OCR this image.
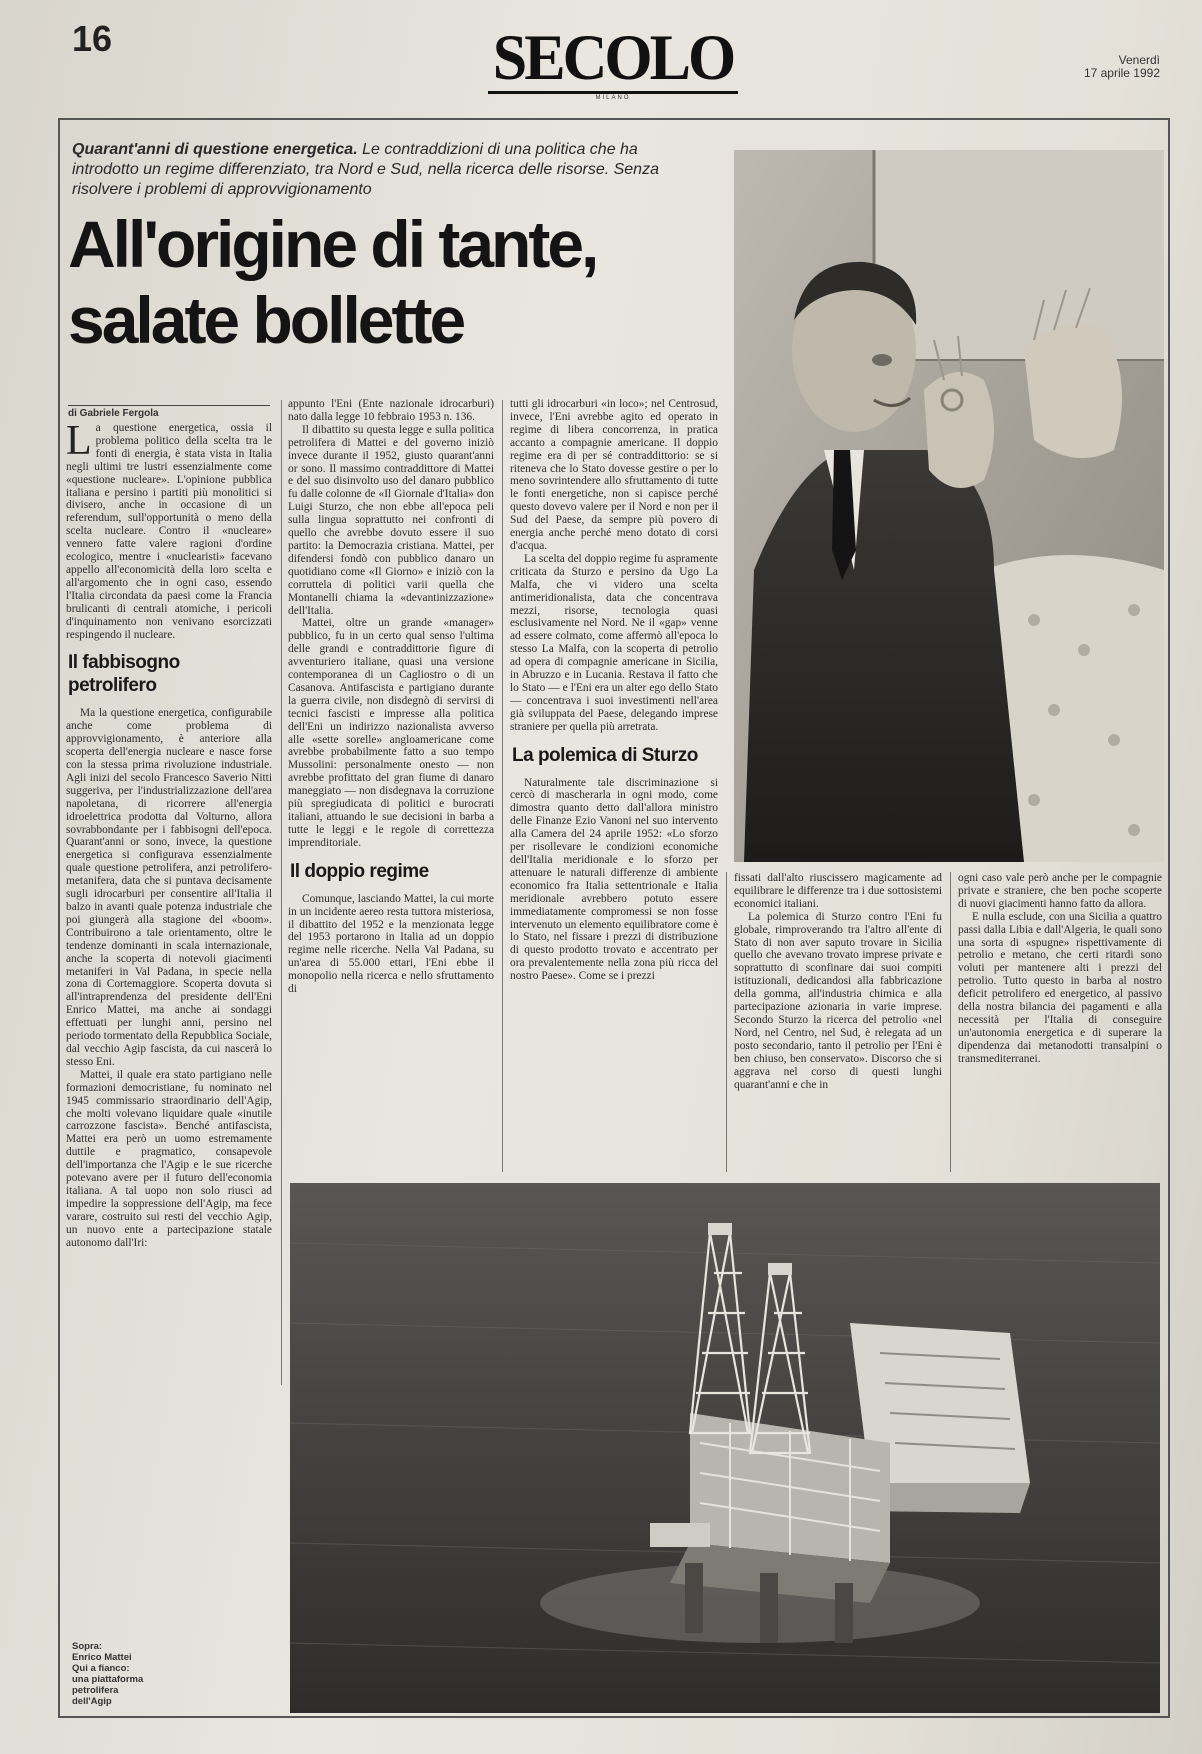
16	SECOLO
MILANO
Venerdì
17 aprile 1992
Quarant'anni di questione energetica. Le contraddizioni di una politica che ha introdotto un regime differenziato, tra Nord e Sud, nella ricerca delle risorse. Senza risolvere i problemi di approvvigionamento
All'origine di tante,
salate bollette
di Gabriele Fergola

La questione energetica, ossia il problema politico della scelta tra le fonti di energia, è stata vista in Italia negli ultimi tre lustri essenzialmente come «questione nucleare». L'opinione pubblica italiana e persino i partiti più monolitici si divisero, anche in occasione di un referendum, sull'opportunità o meno della scelta nucleare. Contro il «nucleare» vennero fatte valere ragioni d'ordine ecologico, mentre i «nuclearisti» facevano appello all'economicità della loro scelta e all'argomento che in ogni caso, essendo l'Italia circondata da paesi come la Francia brulicanti di centrali atomiche, i pericoli d'inquinamento non venivano esorcizzati respingendo il nucleare.

Il fabbisogno petrolifero

Ma la questione energetica, configurabile anche come problema di approvvigionamento, è anteriore alla scoperta dell'energia nucleare e nasce forse con la stessa prima rivoluzione industriale. Agli inizi del secolo Francesco Saverio Nitti suggeriva, per l'industrializzazione dell'area napoletana, di ricorrere all'energia idroelettrica prodotta dal Volturno, allora sovrabbondante per i fabbisogni dell'epoca. Quarant'anni or sono, invece, la questione energetica si configurava essenzialmente quale questione petrolifera, anzi petrolifero-metanifera, data che si puntava decisamente sugli idrocarburi per consentire all'Italia il balzo in avanti quale potenza industriale che poi giungerà alla stagione del «boom». Contribuirono a tale orientamento, oltre le tendenze dominanti in scala internazionale, anche la scoperta di notevoli giacimenti metaniferi in Val Padana, in specie nella zona di Cortemaggiore. Scoperta dovuta si all'intraprendenza del presidente dell'Eni Enrico Mattei, ma anche ai sondaggi effettuati per lunghi anni, persino nel periodo tormentato della Repubblica Sociale, dal vecchio Agip fascista, da cui nascerà lo stesso Eni.

Mattei, il quale era stato partigiano nelle formazioni democristiane, fu nominato nel 1945 commissario straordinario dell'Agip, che molti volevano liquidare quale «inutile carrozzone fascista». Benché antifascista, Mattei era però un uomo estremamente duttile e pragmatico, consapevole dell'importanza che l'Agip e le sue ricerche potevano avere per il futuro dell'economia italiana. A tal uopo non solo riuscì ad impedire la soppressione dell'Agip, ma fece varare, costruito sui resti del vecchio Agip, un nuovo ente a partecipazione statale autonomo dall'Iri:

appunto l'Eni (Ente nazionale idrocarburi) nato dalla legge 10 febbraio 1953 n. 136.

Il dibattito su questa legge e sulla politica petrolifera di Mattei e del governo iniziò invece durante il 1952, giusto quarant'anni or sono. Il massimo contraddittore di Mattei e del suo disinvolto uso del danaro pubblico fu dalle colonne de «Il Giornale d'Italia» don Luigi Sturzo, che non ebbe all'epoca peli sulla lingua soprattutto nei confronti di quello che avrebbe dovuto essere il suo partito: la Democrazia cristiana. Mattei, per difendersi fondò con pubblico danaro un quotidiano come «Il Giorno» e iniziò con la corruttela di politici varii quella che Montanelli chiama la «devantinizzazione» dell'Italia.

Mattei, oltre un grande «manager» pubblico, fu in un certo qual senso l'ultima delle grandi e contraddittorie figure di avventuriero italiane, quasi una versione contemporanea di un Cagliostro o di un Casanova. Antifascista e partigiano durante la guerra civile, non disdegnò di servirsi di tecnici fascisti e impresse alla politica dell'Eni un indirizzo nazionalista avverso alle «sette sorelle» angloamericane come avrebbe probabilmente fatto a suo tempo Mussolini: personalmente onesto — non avrebbe profittato del gran fiume di danaro maneggiato — non disdegnava la corruzione più spregiudicata di politici e burocrati italiani, attuando le sue decisioni in barba a tutte le leggi e le regole di correttezza imprenditoriale.

Il doppio regime

Comunque, lasciando Mattei, la cui morte in un incidente aereo resta tuttora misteriosa, il dibattito del 1952 e la menzionata legge del 1953 portarono in Italia ad un doppio regime nelle ricerche. Nella Val Padana, su un'area di 55.000 ettari, l'Eni ebbe il monopolio nella ricerca e nello sfruttamento di

tutti gli idrocarburi «in loco»; nel Centrosud, invece, l'Eni avrebbe agito ed operato in regime di libera concorrenza, in pratica accanto a compagnie americane. Il doppio regime era di per sé contraddittorio: se si riteneva che lo Stato dovesse gestire o per lo meno sovrintendere allo sfruttamento di tutte le fonti energetiche, non si capisce perché questo dovevo valere per il Nord e non per il Sud del Paese, da sempre più povero di energia anche perché meno dotato di corsi d'acqua.

La scelta del doppio regime fu aspramente criticata da Sturzo e persino da Ugo La Malfa, che vi videro una scelta antimeridionalista, data che concentrava mezzi, risorse, tecnologia quasi esclusivamente nel Nord. Ne il «gap» venne ad essere colmato, come affermò all'epoca lo stesso La Malfa, con la scoperta di petrolio ad opera di compagnie americane in Sicilia, in Abruzzo e in Lucania. Restava il fatto che lo Stato — e l'Eni era un alter ego dello Stato — concentrava i suoi investimenti nell'area già sviluppata del Paese, delegando imprese straniere per quella più arretrata.

La polemica di Sturzo

Naturalmente tale discriminazione si cercò di mascherarla in ogni modo, come dimostra quanto detto dall'allora ministro delle Finanze Ezio Vanoni nel suo intervento alla Camera del 24 aprile 1952: «Lo sforzo per risollevare le condizioni economiche dell'Italia meridionale e lo sforzo per attenuare le naturali differenze di ambiente economico fra Italia settentrionale e Italia meridionale avrebbero potuto essere immediatamente compromessi se non fosse intervenuto un elemento equilibratore come è lo Stato, nel fissare i prezzi di distribuzione di questo prodotto trovato e accentrato per ora prevalentemente nella zona più ricca del nostro Paese». Come se i prezzi

fissati dall'alto riuscissero magicamente ad equilibrare le differenze tra i due sottosistemi economici italiani.

La polemica di Sturzo contro l'Eni fu globale, rimproverando tra l'altro all'ente di Stato di non aver saputo trovare in Sicilia quello che avevano trovato imprese private e soprattutto di sconfinare dai suoi compiti istituzionali, dedicandosi alla fabbricazione della gomma, all'industria chimica e alla partecipazione azionaria in varie imprese. Secondo Sturzo la ricerca del petrolio «nel Nord, nel Centro, nel Sud, è relegata ad un posto secondario, tanto il petrolio per l'Eni è ben chiuso, ben conservato». Discorso che si aggrava nel corso di questi lunghi quarant'anni e che in

ogni caso vale però anche per le compagnie private e straniere, che ben poche scoperte di nuovi giacimenti hanno fatto da allora.

E nulla esclude, con una Sicilia a quattro passi dalla Libia e dall'Algeria, le quali sono una sorta di «spugne» rispettivamente di petrolio e metano, che certi ritardi sono voluti per mantenere alti i prezzi del petrolio. Tutto questo in barba al nostro deficit petrolifero ed energetico, al passivo della nostra bilancia dei pagamenti e alla necessità per l'Italia di conseguire un'autonomia energetica e di superare la dipendenza dai metanodotti transalpini o transmediterranei.

Sopra:
Enrico Mattei
Qui a fianco:
una piattaforma
petrolifera
dell'Agip
